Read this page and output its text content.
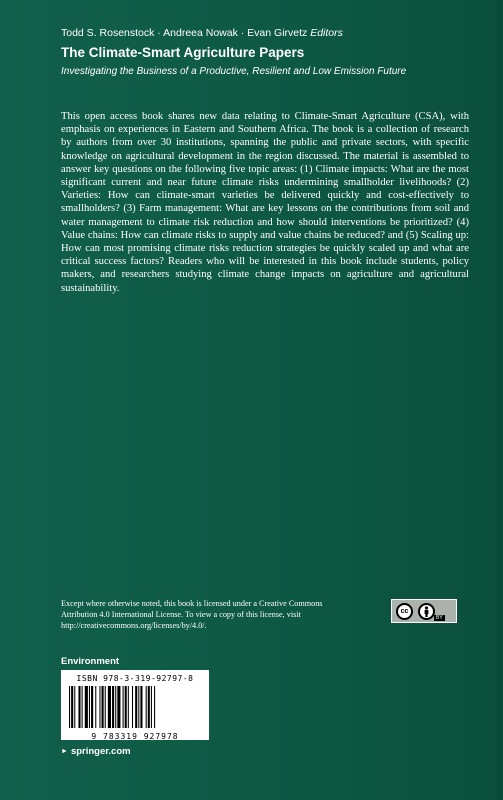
Todd S. Rosenstock · Andreea Nowak · Evan Girvetz Editors
The Climate-Smart Agriculture Papers
Investigating the Business of a Productive, Resilient and Low Emission Future
This open access book shares new data relating to Climate-Smart Agriculture (CSA), with emphasis on experiences in Eastern and Southern Africa. The book is a collection of research by authors from over 30 institutions, spanning the public and private sectors, with specific knowledge on agricultural development in the region discussed. The material is assembled to answer key questions on the following five topic areas: (1) Climate impacts: What are the most significant current and near future climate risks undermining smallholder livelihoods? (2) Varieties: How can climate-smart varieties be delivered quickly and cost-effectively to smallholders? (3) Farm management: What are key lessons on the contributions from soil and water management to climate risk reduction and how should interventions be prioritized? (4) Value chains: How can climate risks to supply and value chains be reduced? and (5) Scaling up: How can most promising climate risks reduction strategies be quickly scaled up and what are critical success factors? Readers who will be interested in this book include students, policy makers, and researchers studying climate change impacts on agriculture and agricultural sustainability.
Except where otherwise noted, this book is licensed under a Creative Commons Attribution 4.0 International License. To view a copy of this license, visit http://creativecommons.org/licenses/by/4.0/.
cc
BY
Environment
ISBN 978-3-319-92797-8
9 783319 927978
► springer.com
